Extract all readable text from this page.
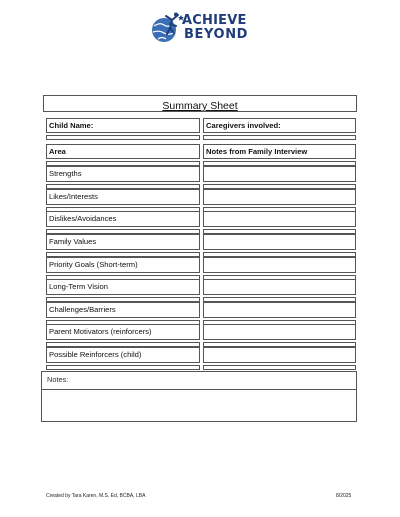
ACHIEVE
BEYOND
Summary Sheet
Child Name:	Caregivers involved:
Area	Notes from Family Interview
Strengths
Likes/Interests
Dislikes/Avoidances
Family Values
Priority Goals (Short-term)
Long-Term Vision
Challenges/Barriers
Parent Motivators (reinforcers)
Possible Reinforcers (child)
Notes:
Created by Tara Karen, M.S. Ed, BCBA, LBA	8/2025
